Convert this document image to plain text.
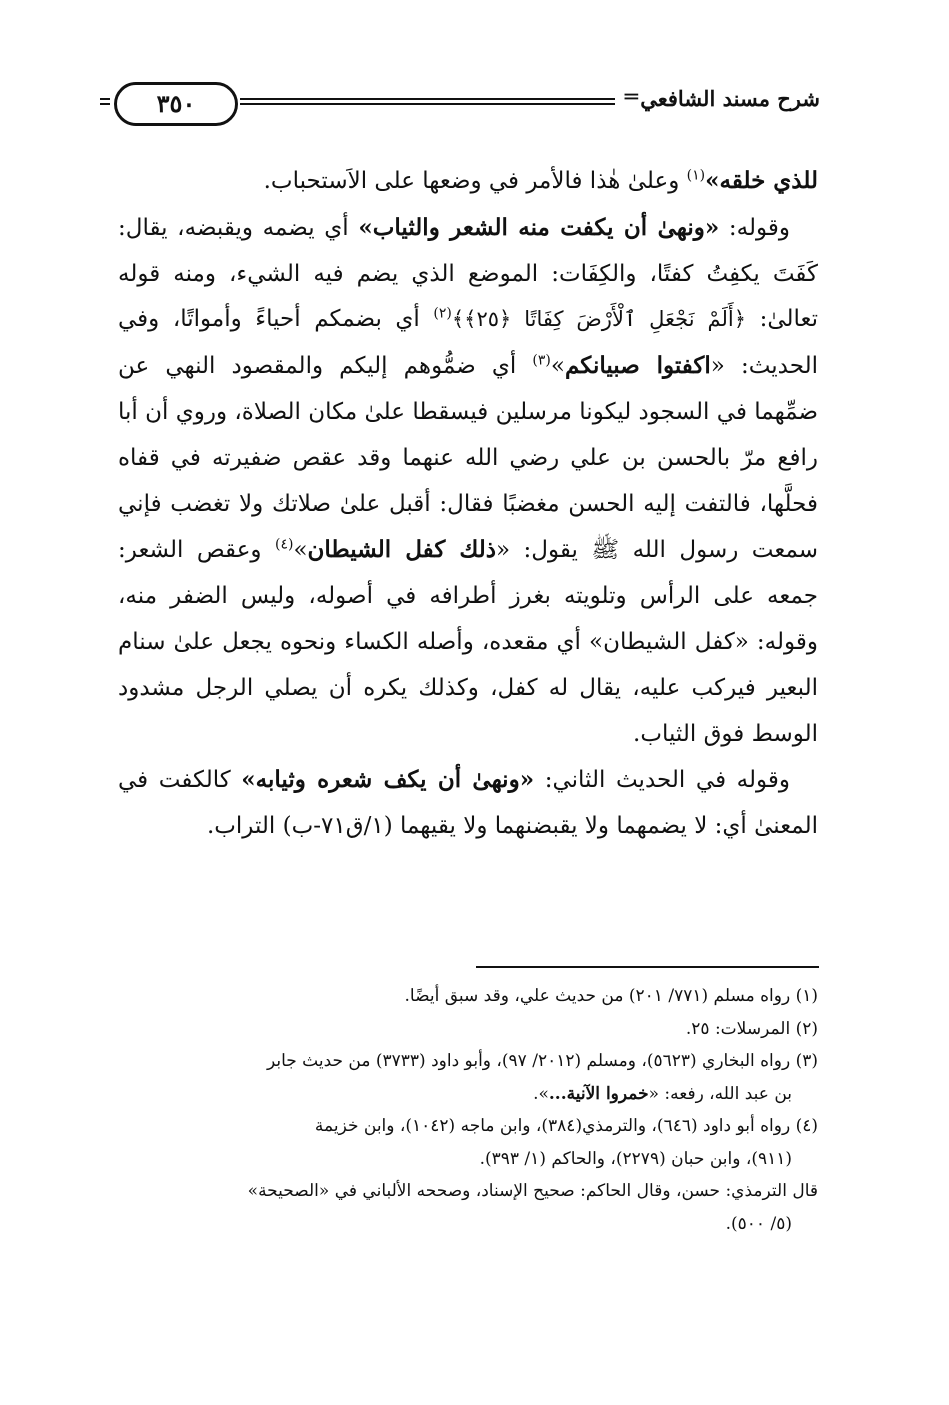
شرح مسند الشافعي
═
٣٥٠

للذي خلقه»$^{(١)}$ وعلىٰ هٰذا فالأمر في وضعها على الاَستحباب.

وقوله: «ونهىٰ أن يكفت منه الشعر والثياب» أي يضمه ويقبضه، يقال: كَفَتَ يكفِتُ كفتًا، والكِفَات: الموضع الذي يضم فيه الشيء، ومنه قوله تعالىٰ: ﴿أَلَمْ نَجْعَلِ ٱلْأَرْضَ كِفَاتًا ﴿٢٥﴾﴾$^{(٢)}$ أي بضمكم أحياءً وأمواتًا، وفي الحديث: «اكفتوا صبيانكم»$^{(٣)}$ أي ضمُّوهم إليكم والمقصود النهي عن ضمِّهما في السجود ليكونا مرسلين فيسقطا علىٰ مكان الصلاة، وروي أن أبا رافع مرّ بالحسن بن علي رضي الله عنهما وقد عقص ضفيرته في قفاه فحلَّها، فالتفت إليه الحسن مغضبًا فقال: أقبل علىٰ صلاتك ولا تغضب فإني سمعت رسول الله ﷺ يقول: «ذلك كفل الشيطان»$^{(٤)}$ وعقص الشعر: جمعه على الرأس وتلويته بغرز أطرافه في أصوله، وليس الضفر منه، وقوله: «كفل الشيطان» أي مقعده، وأصله الكساء ونحوه يجعل علىٰ سنام البعير فيركب عليه، يقال له كفل، وكذلك يكره أن يصلي الرجل مشدود الوسط فوق الثياب.

وقوله في الحديث الثاني: «ونهىٰ أن يكف شعره وثيابه» كالكفت في المعنىٰ أي: لا يضمهما ولا يقبضنهما ولا يقيهما (١/ق٧١-ب) التراب.

(١) رواه مسلم (٧٧١/ ٢٠١) من حديث علي، وقد سبق أيضًا.

(٢) المرسلات: ٢٥.

(٣) رواه البخاري (٥٦٢٣)، ومسلم (٢٠١٢/ ٩٧)، وأبو داود (٣٧٣٣) من حديث جابر

بن عبد الله، رفعه: «خمروا الآنية...».

(٤) رواه أبو داود (٦٤٦)، والترمذي(٣٨٤)، وابن ماجه (١٠٤٢)، وابن خزيمة

(٩١١)، وابن حبان (٢٢٧٩)، والحاكم (١/ ٣٩٣).

قال الترمذي: حسن، وقال الحاكم: صحيح الإسناد، وصححه الألباني في «الصحيحة»

(٥/ ٥٠٠).
